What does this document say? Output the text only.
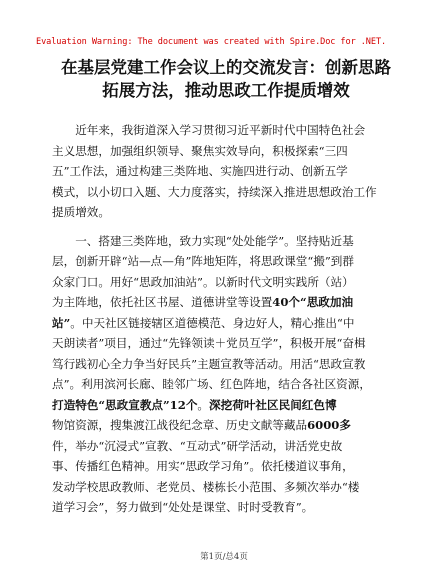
Evaluation Warning: The document was created with Spire.Doc for .NET.
在基层党建工作会议上的交流发言：创新思路
拓展方法，推动思政工作提质增效
　　近年来，我街道深入学习贯彻习近平新时代中国特色社会
主义思想，加强组织领导、聚焦实效导向，积极探索“三四
五”工作法，通过构建三类阵地、实施四进行动、创新五学
模式，以小切口入题、大力度落实，持续深入推进思想政治工作
提质增效。
　　一、搭建三类阵地，致力实现“处处能学”。坚持贴近基
层，创新开辟“站—点—角”阵地矩阵，将思政课堂“搬”到群
众家门口。用好“思政加油站”。以新时代文明实践所（站）
为主阵地，依托社区书屋、道德讲堂等设置40个“思政加油
站”。中天社区链接辖区道德模范、身边好人，精心推出“中
天朗读者”项目，通过“先锋领读＋党员互学”，积极开展“奋楫
笃行践初心全力争当好民兵”主题宣教等活动。用活“思政宣教
点”。利用滨河长廊、睦邻广场、红色阵地，结合各社区资源，
打造特色“思政宣教点”12个。深挖荷叶社区民间红色博
物馆资源，搜集渡江战役纪念章、历史文献等藏品6000多
件，举办“沉浸式”宣教、“互动式”研学活动，讲活党史故
事、传播红色精神。用实“思政学习角”。依托楼道议事角，
发动学校思政教师、老党员、楼栋长小范围、多频次举办“楼
道学习会”，努力做到“处处是课堂、时时受教育”。
第1页/总4页
